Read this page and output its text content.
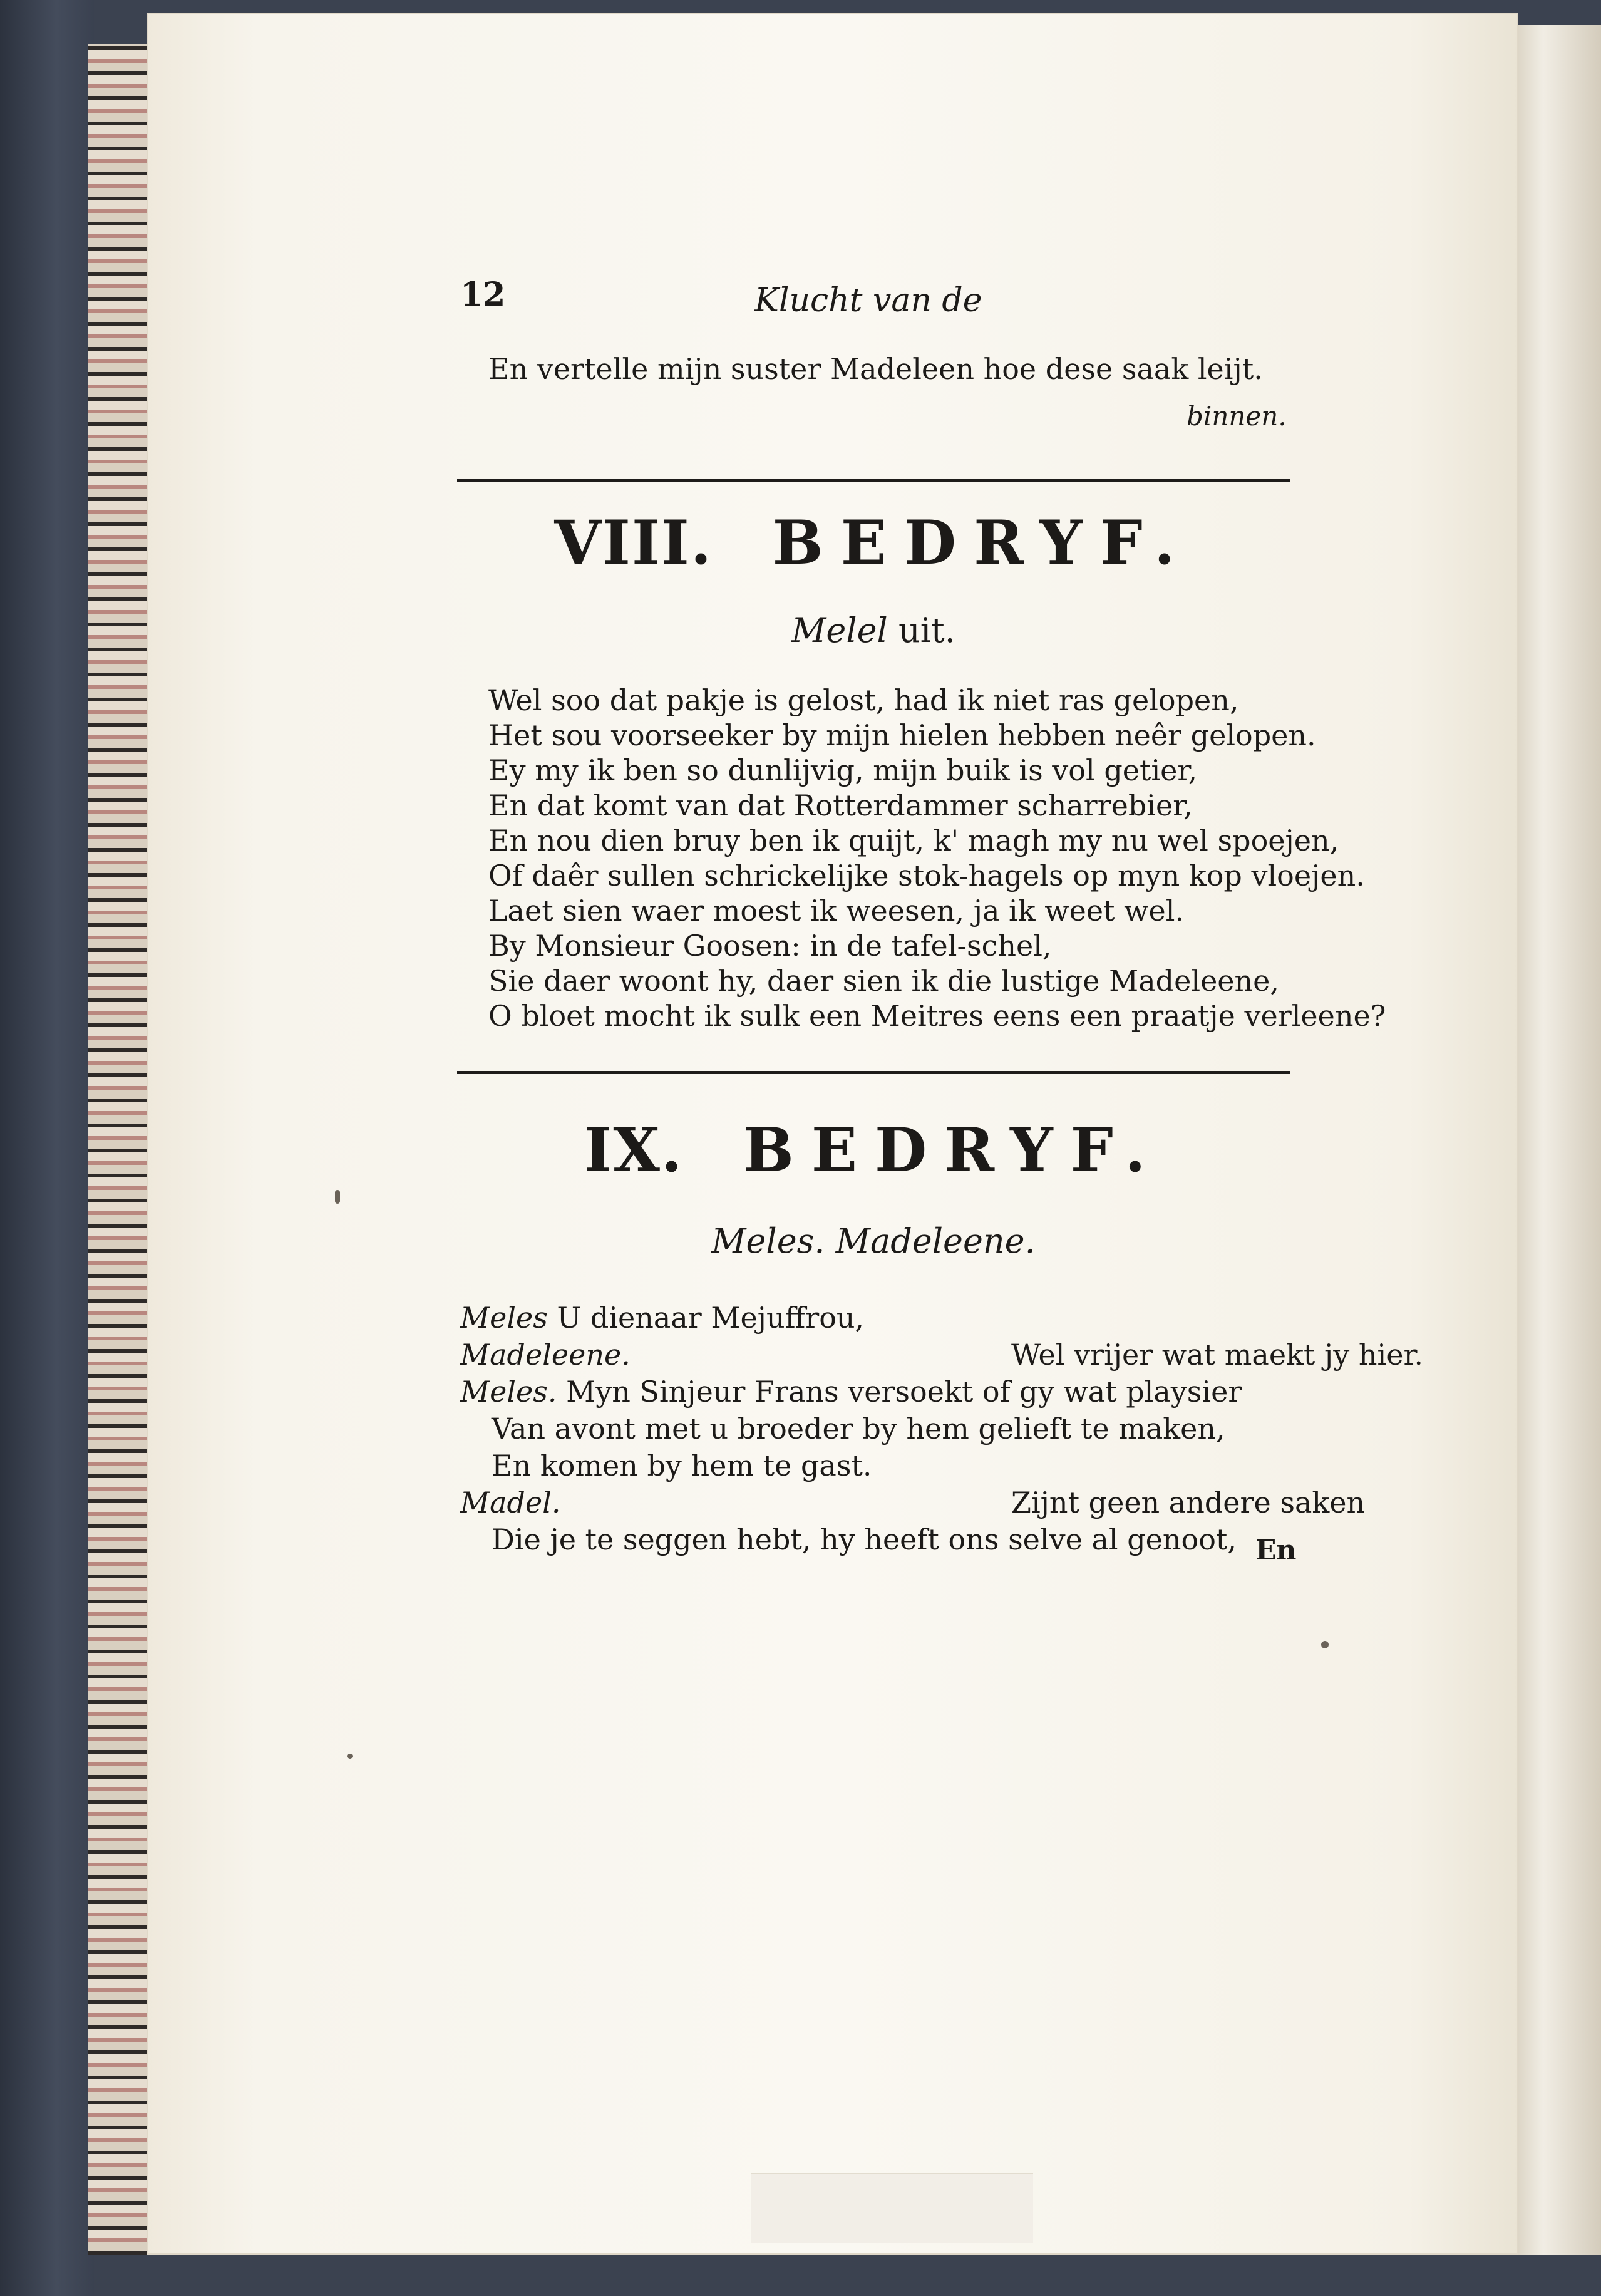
12	Klucht van de
En vertelle mijn suster Madeleen hoe dese saak leijt.
binnen.
VIII. BEDRYF.
Melel uit.
Wel soo dat pakje is gelost, had ik niet ras gelopen,
Het sou voorseeker by mijn hielen hebben neêr gelopen.
Ey my ik ben so dunlijvig, mijn buik is vol getier,
En dat komt van dat Rotterdammer scharrebier,
En nou dien bruy ben ik quijt, k' magh my nu wel spoejen,
Of daêr sullen schrickelijke stok-hagels op myn kop vloejen.
Laet sien waer moest ik weesen, ja ik weet wel.
By Monsieur Goosen: in de tafel-schel,
Sie daer woont hy, daer sien ik die lustige Madeleene,
O bloet mocht ik sulk een Meitres eens een praatje verleene?
IX. BEDRYF.
Meles. Madeleene.
Meles U dienaar Mejuffrou,
Madeleene.	Wel vrijer wat maekt jy hier.
Meles. Myn Sinjeur Frans versoekt of gy wat playsier
Van avont met u broeder by hem gelieft te maken,
En komen by hem te gast.
Madel.	Zijnt geen andere saken
Die je te seggen hebt, hy heeft ons selve al genoot, En
